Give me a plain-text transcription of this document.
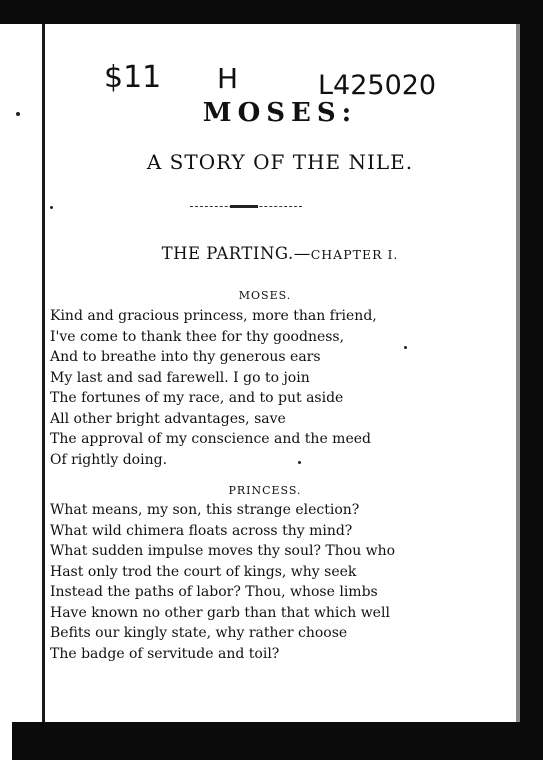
$11 H	L425020
MOSES:
A STORY OF THE NILE.
THE PARTING.—CHAPTER I.
MOSES.
Kind and gracious princess, more than friend,
I've come to thank thee for thy goodness,
And to breathe into thy generous ears
My last and sad farewell. I go to join
The fortunes of my race, and to put aside
All other bright advantages, save
The approval of my conscience and the meed
Of rightly doing.
PRINCESS.
What means, my son, this strange election?
What wild chimera floats across thy mind?
What sudden impulse moves thy soul? Thou who
Hast only trod the court of kings, why seek
Instead the paths of labor? Thou, whose limbs
Have known no other garb than that which well
Befits our kingly state, why rather choose
The badge of servitude and toil?
